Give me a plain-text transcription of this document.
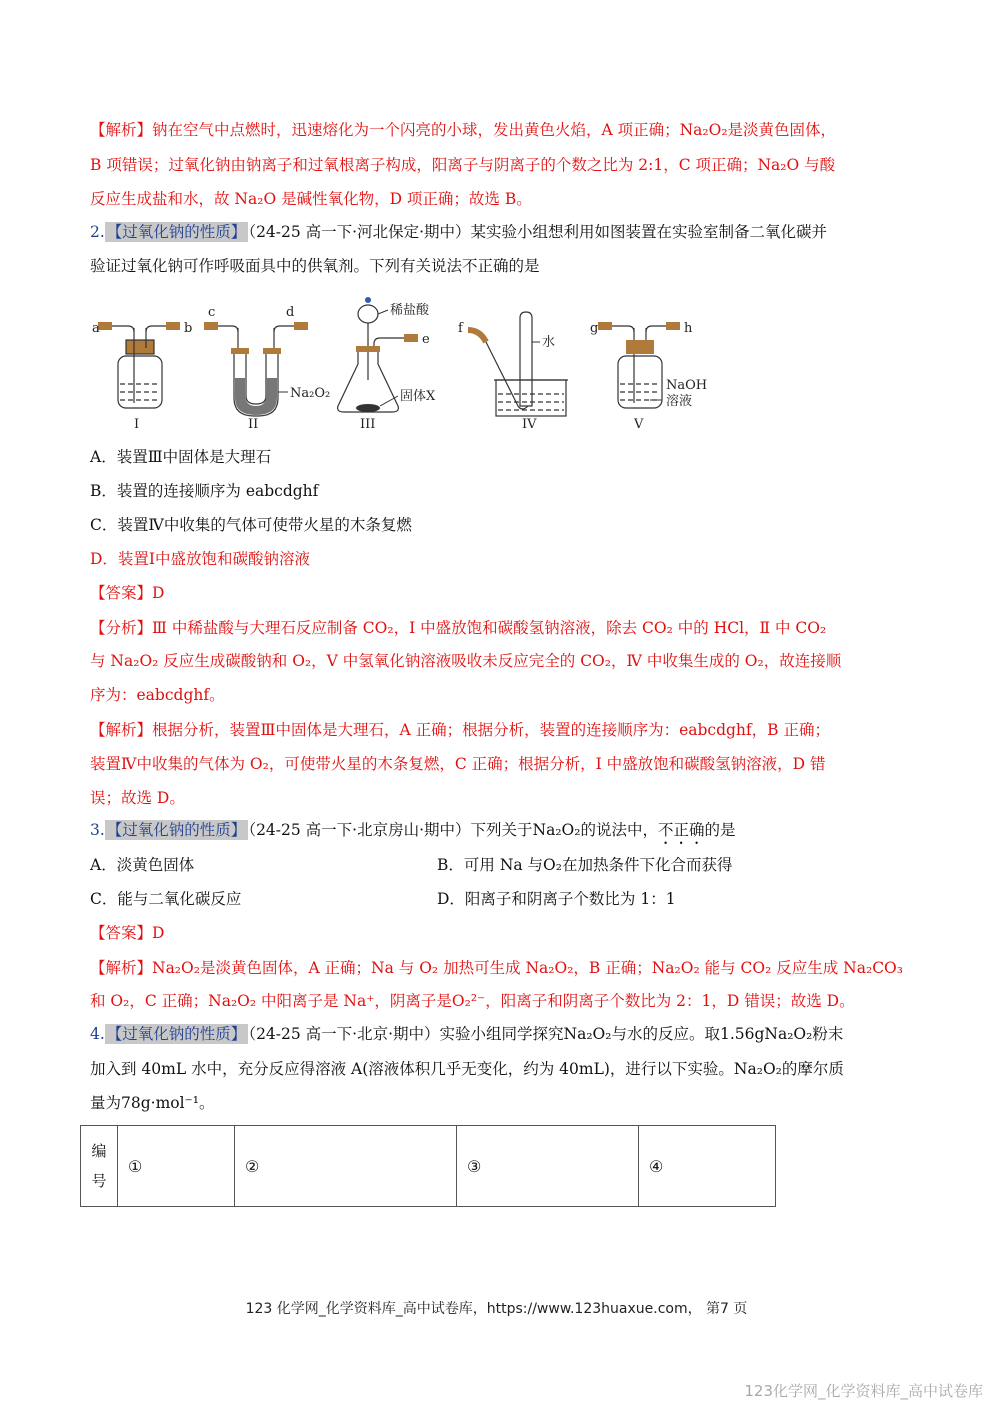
【解析】钠在空气中点燃时，迅速熔化为一个闪亮的小球，发出黄色火焰，A 项正确；Na₂O₂是淡黄色固体，
B 项错误；过氧化钠由钠离子和过氧根离子构成，阳离子与阴离子的个数之比为 2:1，C 项正确；Na₂O 与酸
反应生成盐和水，故 Na₂O 是碱性氧化物，D 项正确；故选 B。
2. 【过氧化钠的性质】 （24-25 高一下·河北保定·期中）某实验小组想利用如图装置在实验室制备二氧化碳并
验证过氧化钠可作呼吸面具中的供氧剂。下列有关说法不正确的是
a	b
I
c	d
Na₂O₂
II
稀盐酸
e
固体X
III
f
水
IV
g	h
NaOH
溶液
V
A．装置Ⅲ中固体是大理石
B．装置的连接顺序为 eabcdghf
C．装置Ⅳ中收集的气体可使带火星的木条复燃
D．装置I中盛放饱和碳酸钠溶液
【答案】D
【分析】Ⅲ 中稀盐酸与大理石反应制备 CO₂，I 中盛放饱和碳酸氢钠溶液，除去 CO₂ 中的 HCl，Ⅱ 中 CO₂
与 Na₂O₂ 反应生成碳酸钠和 O₂，V 中氢氧化钠溶液吸收未反应完全的 CO₂，Ⅳ 中收集生成的 O₂，故连接顺
序为：eabcdghf。
【解析】根据分析，装置Ⅲ中固体是大理石，A 正确；根据分析，装置的连接顺序为：eabcdghf，B 正确；
装置Ⅳ中收集的气体为 O₂，可使带火星的木条复燃，C 正确；根据分析，I 中盛放饱和碳酸氢钠溶液，D 错
误；故选 D。
3. 【过氧化钠的性质】 （24-25 高一下·北京房山·期中）下列关于Na₂O₂的说法中，不正确的是
A．淡黄色固体	B．可用 Na 与O₂在加热条件下化合而获得
C．能与二氧化碳反应	D．阳离子和阴离子个数比为 1：1
【答案】D
【解析】Na₂O₂是淡黄色固体，A 正确；Na 与 O₂ 加热可生成 Na₂O₂，B 正确；Na₂O₂ 能与 CO₂ 反应生成 Na₂CO₃
和 O₂，C 正确；Na₂O₂ 中阳离子是 Na⁺，阴离子是O₂²⁻，阳离子和阴离子个数比为 2：1，D 错误；故选 D。
4. 【过氧化钠的性质】 （24-25 高一下·北京·期中）实验小组同学探究Na₂O₂与水的反应。取1.56gNa₂O₂粉末
加入到 40mL 水中，充分反应得溶液 A(溶液体积几乎无变化，约为 40mL)，进行以下实验。Na₂O₂的摩尔质
量为78g·mol⁻¹。
编号	①	②	③	④
123 化学网_化学资料库_高中试卷库，https://www.123huaxue.com， 第7 页
123化学网_化学资料库_高中试卷库
